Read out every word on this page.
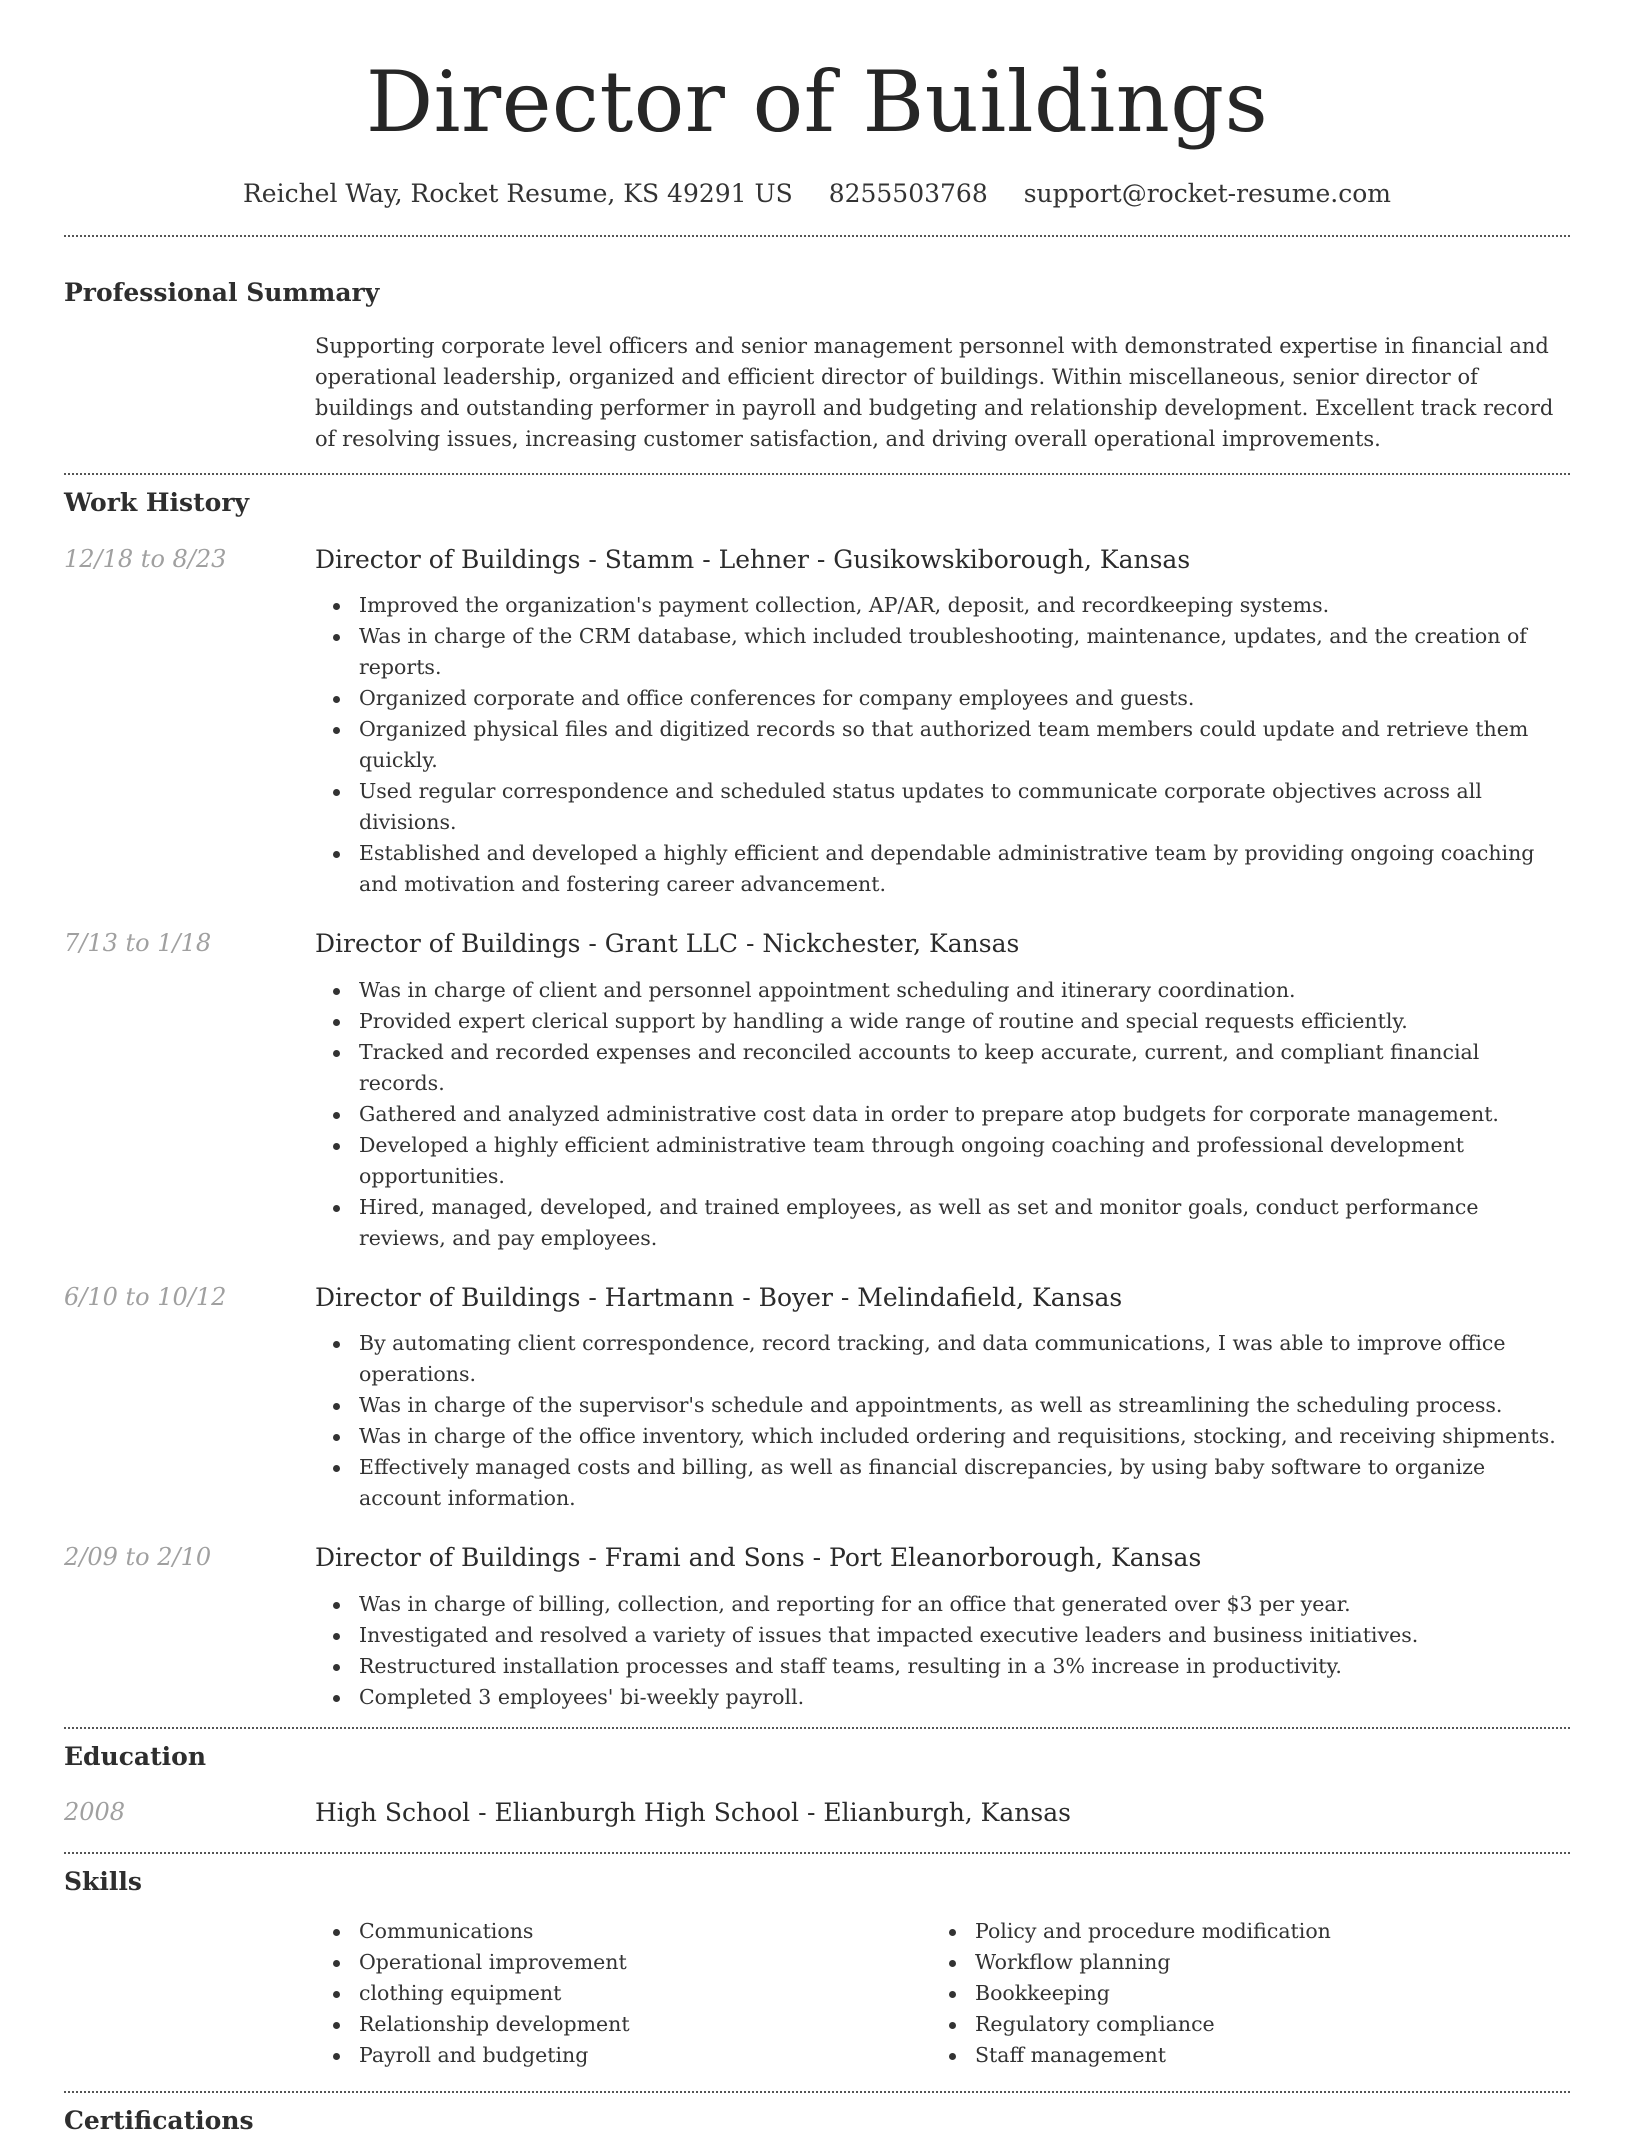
Director of Buildings
Reichel Way, Rocket Resume, KS 49291 US 8255503768 support@rocket-resume.com
Professional Summary

Supporting corporate level officers and senior management personnel with demonstrated expertise in financial and operational leadership, organized and efficient director of buildings. Within miscellaneous, senior director of buildings and outstanding performer in payroll and budgeting and relationship development. Excellent track record of resolving issues, increasing customer satisfaction, and driving overall operational improvements.

Work History
12/18 to 8/23	Director of Buildings - Stamm - Lehner - Gusikowskiborough, Kansas
Improved the organization's payment collection, AP/AR, deposit, and recordkeeping systems.
Was in charge of the CRM database, which included troubleshooting, maintenance, updates, and the creation of reports.
Organized corporate and office conferences for company employees and guests.
Organized physical files and digitized records so that authorized team members could update and retrieve them quickly.
Used regular correspondence and scheduled status updates to communicate corporate objectives across all divisions.
Established and developed a highly efficient and dependable administrative team by providing ongoing coaching and motivation and fostering career advancement.
7/13 to 1/18	Director of Buildings - Grant LLC - Nickchester, Kansas
Was in charge of client and personnel appointment scheduling and itinerary coordination.
Provided expert clerical support by handling a wide range of routine and special requests efficiently.
Tracked and recorded expenses and reconciled accounts to keep accurate, current, and compliant financial records.
Gathered and analyzed administrative cost data in order to prepare atop budgets for corporate management.
Developed a highly efficient administrative team through ongoing coaching and professional development opportunities.
Hired, managed, developed, and trained employees, as well as set and monitor goals, conduct performance reviews, and pay employees.
6/10 to 10/12	Director of Buildings - Hartmann - Boyer - Melindafield, Kansas
By automating client correspondence, record tracking, and data communications, I was able to improve office operations.
Was in charge of the supervisor's schedule and appointments, as well as streamlining the scheduling process.
Was in charge of the office inventory, which included ordering and requisitions, stocking, and receiving shipments.
Effectively managed costs and billing, as well as financial discrepancies, by using baby software to organize account information.
2/09 to 2/10	Director of Buildings - Frami and Sons - Port Eleanorborough, Kansas
Was in charge of billing, collection, and reporting for an office that generated over $3 per year.
Investigated and resolved a variety of issues that impacted executive leaders and business initiatives.
Restructured installation processes and staff teams, resulting in a 3% increase in productivity.
Completed 3 employees' bi-weekly payroll.
Education
2008	High School - Elianburgh High School - Elianburgh, Kansas
Skills
Communications
Operational improvement
clothing equipment
Relationship development
Payroll and budgeting
Policy and procedure modification
Workflow planning
Bookkeeping
Regulatory compliance
Staff management
Certifications
